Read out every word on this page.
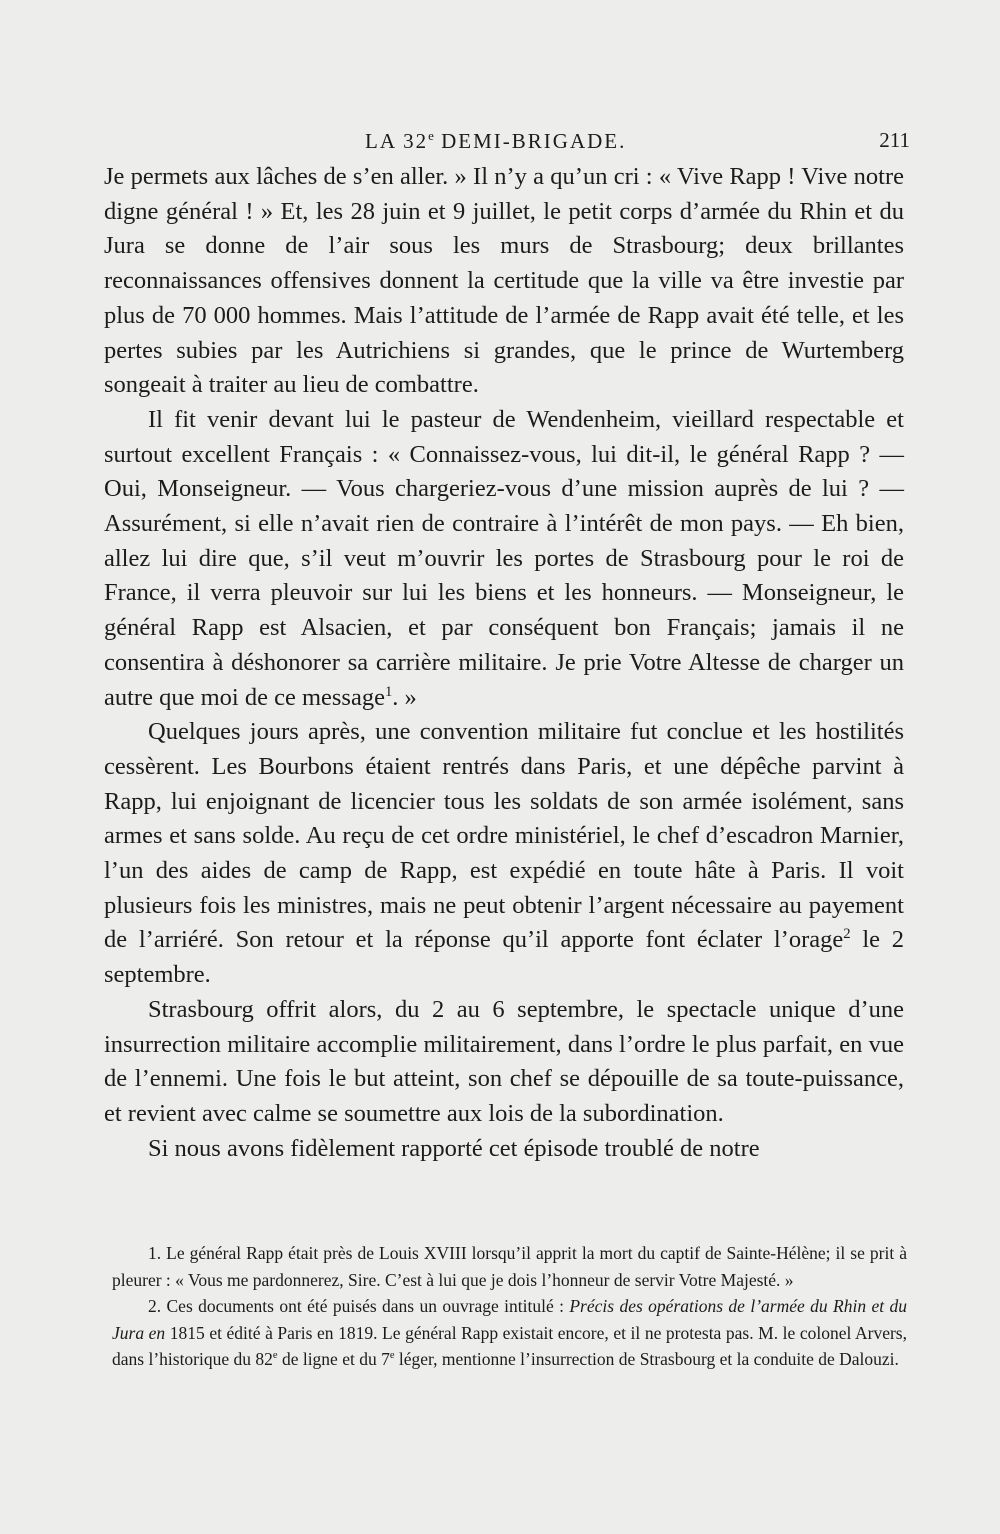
LA 32e DEMI-BRIGADE.	211

Je permets aux lâches de s’en aller. » Il n’y a qu’un cri : « Vive Rapp ! Vive notre digne général ! » Et, les 28 juin et 9 juillet, le petit corps d’armée du Rhin et du Jura se donne de l’air sous les murs de Strasbourg; deux brillantes reconnaissances offensives donnent la certitude que la ville va être investie par plus de 70 000 hommes. Mais l’attitude de l’armée de Rapp avait été telle, et les pertes subies par les Autrichiens si grandes, que le prince de Wurtemberg songeait à traiter au lieu de combattre.

Il fit venir devant lui le pasteur de Wendenheim, vieillard respectable et surtout excellent Français : « Connaissez-vous, lui dit-il, le général Rapp ? — Oui, Monseigneur. — Vous chargeriez-vous d’une mission auprès de lui ? — Assurément, si elle n’avait rien de contraire à l’intérêt de mon pays. — Eh bien, allez lui dire que, s’il veut m’ouvrir les portes de Strasbourg pour le roi de France, il verra pleuvoir sur lui les biens et les honneurs. — Monseigneur, le général Rapp est Alsacien, et par conséquent bon Français; jamais il ne consentira à déshonorer sa carrière militaire. Je prie Votre Altesse de charger un autre que moi de ce message$^1$. »

Quelques jours après, une convention militaire fut conclue et les hostilités cessèrent. Les Bourbons étaient rentrés dans Paris, et une dépêche parvint à Rapp, lui enjoignant de licencier tous les soldats de son armée isolément, sans armes et sans solde. Au reçu de cet ordre ministériel, le chef d’escadron Marnier, l’un des aides de camp de Rapp, est expédié en toute hâte à Paris. Il voit plusieurs fois les ministres, mais ne peut obtenir l’argent nécessaire au payement de l’arriéré. Son retour et la réponse qu’il apporte font éclater l’orage$^2$ le 2 septembre.

Strasbourg offrit alors, du 2 au 6 septembre, le spectacle unique d’une insurrection militaire accomplie militairement, dans l’ordre le plus parfait, en vue de l’ennemi. Une fois le but atteint, son chef se dépouille de sa toute-puissance, et revient avec calme se soumettre aux lois de la subordination.

Si nous avons fidèlement rapporté cet épisode troublé de notre

1. Le général Rapp était près de Louis XVIII lorsqu’il apprit la mort du captif de Sainte-Hélène; il se prit à pleurer : « Vous me pardonnerez, Sire. C’est à lui que je dois l’honneur de servir Votre Majesté. »

2. Ces documents ont été puisés dans un ouvrage intitulé : Précis des opérations de l’armée du Rhin et du Jura en 1815 et édité à Paris en 1819. Le général Rapp existait encore, et il ne protesta pas. M. le colonel Arvers, dans l’historique du 82e de ligne et du 7e léger, mentionne l’insurrection de Strasbourg et la conduite de Dalouzi.
